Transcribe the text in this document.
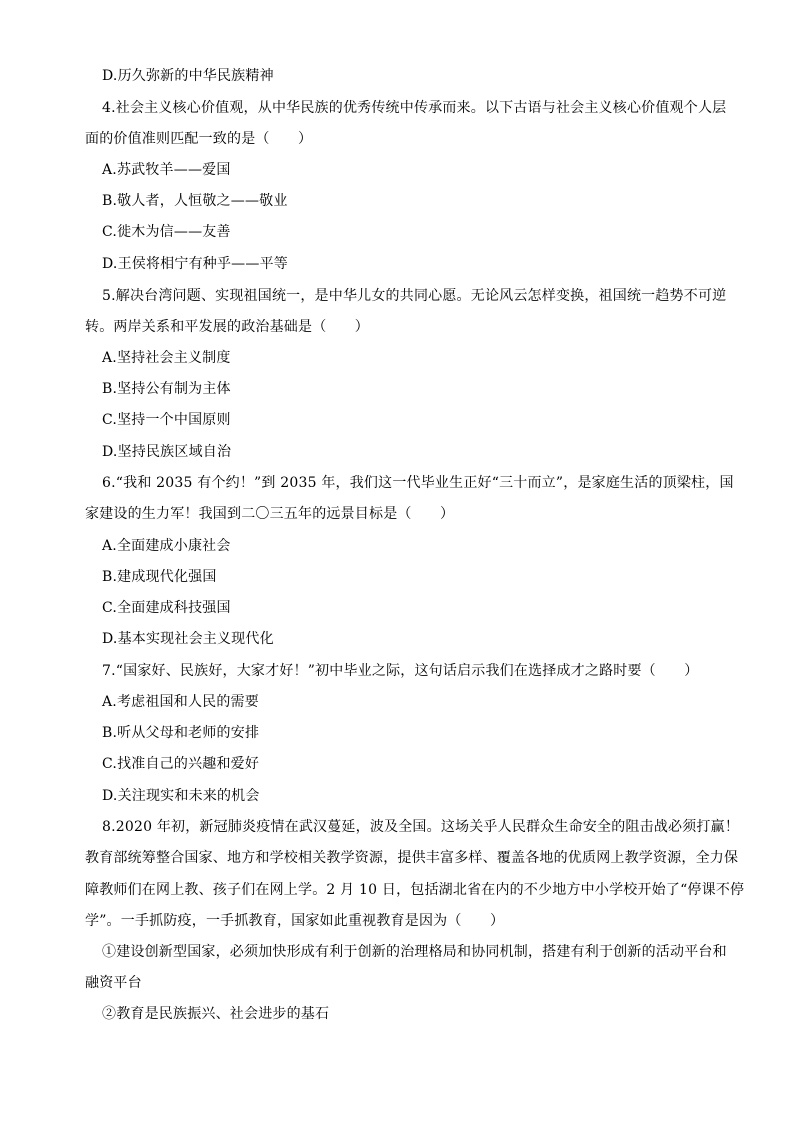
D.历久弥新的中华民族精神
4.社会主义核心价值观，从中华民族的优秀传统中传承而来。以下古语与社会主义核心价值观个人层
面的价值准则匹配一致的是（　　）
A.苏武牧羊——爱国
B.敬人者，人恒敬之——敬业
C.徙木为信——友善
D.王侯将相宁有种乎——平等
5.解决台湾问题、实现祖国统一，是中华儿女的共同心愿。无论风云怎样变换，祖国统一趋势不可逆
转。两岸关系和平发展的政治基础是（　　）
A.坚持社会主义制度
B.坚持公有制为主体
C.坚持一个中国原则
D.坚持民族区域自治
6.“我和 2035 有个约！”到 2035 年，我们这一代毕业生正好“三十而立”，是家庭生活的顶梁柱，国
家建设的生力军！我国到二〇三五年的远景目标是（　　）
A.全面建成小康社会
B.建成现代化强国
C.全面建成科技强国
D.基本实现社会主义现代化
7.“国家好、民族好，大家才好！”初中毕业之际，这句话启示我们在选择成才之路时要（　　）
A.考虑祖国和人民的需要
B.听从父母和老师的安排
C.找准自己的兴趣和爱好
D.关注现实和未来的机会
8.2020 年初，新冠肺炎疫情在武汉蔓延，波及全国。这场关乎人民群众生命安全的阻击战必须打赢！
教育部统筹整合国家、地方和学校相关教学资源，提供丰富多样、覆盖各地的优质网上教学资源，全力保
障教师们在网上教、孩子们在网上学。2 月 10 日，包括湖北省在内的不少地方中小学校开始了“停课不停
学”。一手抓防疫，一手抓教育，国家如此重视教育是因为（　　）
①建设创新型国家，必须加快形成有利于创新的治理格局和协同机制，搭建有利于创新的活动平台和
融资平台
②教育是民族振兴、社会进步的基石
